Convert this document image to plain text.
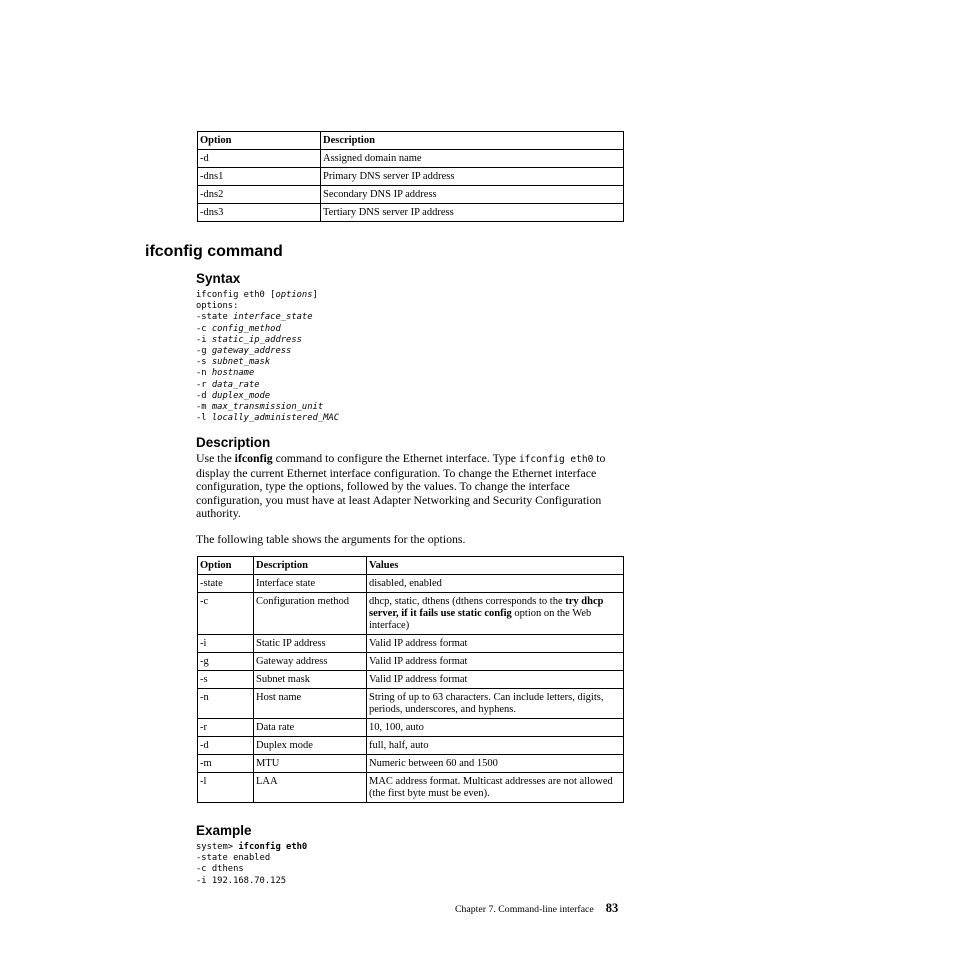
Option	Description
-d	Assigned domain name
-dns1	Primary DNS server IP address
-dns2	Secondary DNS IP address
-dns3	Tertiary DNS server IP address
ifconfig command
Syntax
ifconfig eth0 [options]
options:
-state interface_state
-c config_method
-i static_ip_address
-g gateway_address
-s subnet_mask
-n hostname
-r data_rate
-d duplex_mode
-m max_transmission_unit
-l locally_administered_MAC
Description

Use the ifconfig command to configure the Ethernet interface. Type ifconfig eth0 to display the current Ethernet interface configuration. To change the Ethernet interface configuration, type the options, followed by the values. To change the interface configuration, you must have at least Adapter Networking and Security Configuration authority.

The following table shows the arguments for the options.

Option	Description	Values
-state	Interface state	disabled, enabled
-c	Configuration method	dhcp, static, dthens (dthens corresponds to the try dhcp server, if it fails use static config option on the Web interface)
-i	Static IP address	Valid IP address format
-g	Gateway address	Valid IP address format
-s	Subnet mask	Valid IP address format
-n	Host name	String of up to 63 characters. Can include letters, digits, periods, underscores, and hyphens.
-r	Data rate	10, 100, auto
-d	Duplex mode	full, half, auto
-m	MTU	Numeric between 60 and 1500
-l	LAA	MAC address format. Multicast addresses are not allowed (the first byte must be even).
Example
system> ifconfig eth0
-state enabled
-c dthens
-i 192.168.70.125
Chapter 7. Command-line interface 83
